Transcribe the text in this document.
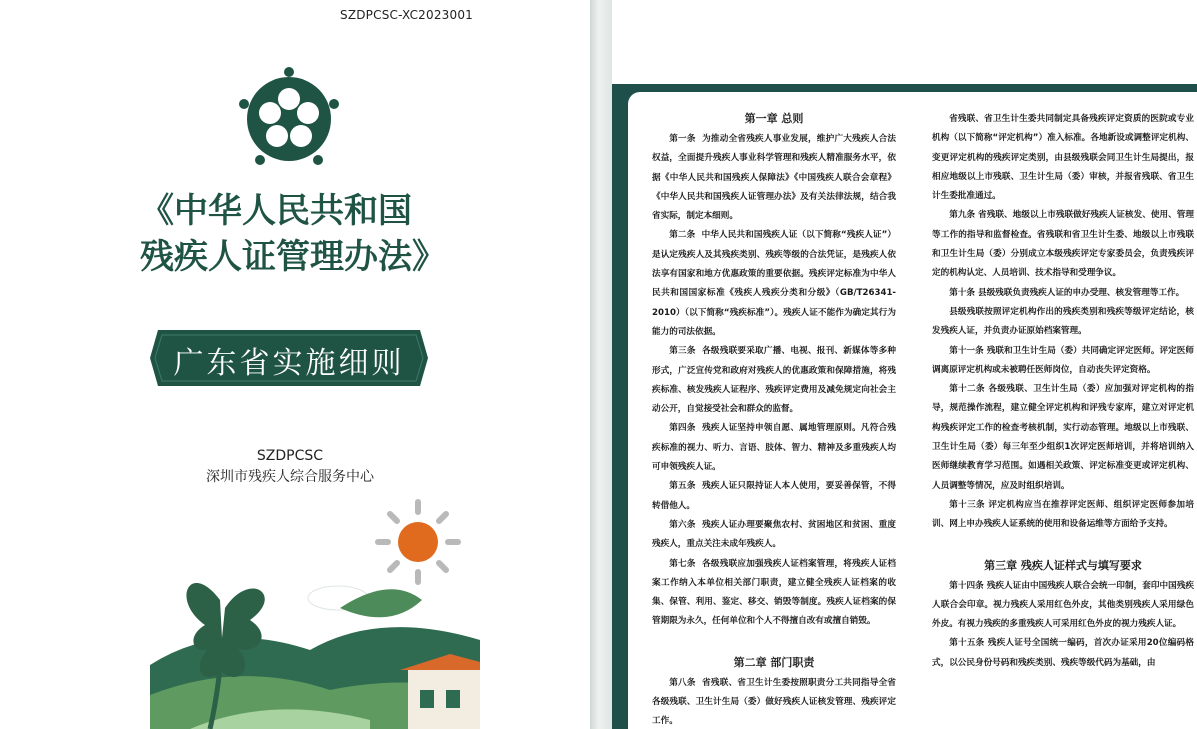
SZDPCSC-XC2023001
《中华人民共和国
残疾人证管理办法》
广东省实施细则
SZDPCSC
深圳市残疾人综合服务中心
第一章 总则

第一条 为推动全省残疾人事业发展，维护广大残疾人合法权益，全面提升残疾人事业科学管理和残疾人精准服务水平，依据《中华人民共和国残疾人保障法》《中国残疾人联合会章程》《中华人民共和国残疾人证管理办法》及有关法律法规，结合我省实际，制定本细则。

第二条 中华人民共和国残疾人证（以下简称“残疾人证”）是认定残疾人及其残疾类别、残疾等级的合法凭证，是残疾人依法享有国家和地方优惠政策的重要依据。残疾评定标准为中华人民共和国国家标准《残疾人残疾分类和分级》（GB/T26341-2010）（以下简称“残疾标准”）。残疾人证不能作为确定其行为能力的司法依据。

第三条 各级残联要采取广播、电视、报刊、新媒体等多种形式，广泛宣传党和政府对残疾人的优惠政策和保障措施，将残疾标准、核发残疾人证程序、残疾评定费用及减免规定向社会主动公开，自觉接受社会和群众的监督。

第四条 残疾人证坚持申领自愿、属地管理原则。凡符合残疾标准的视力、听力、言语、肢体、智力、精神及多重残疾人均可申领残疾人证。

第五条 残疾人证只限持证人本人使用，要妥善保管，不得转借他人。

第六条 残疾人证办理要聚焦农村、贫困地区和贫困、重度残疾人，重点关注未成年残疾人。

第七条 各级残联应加强残疾人证档案管理，将残疾人证档案工作纳入本单位相关部门职责，建立健全残疾人证档案的收集、保管、利用、鉴定、移交、销毁等制度。残疾人证档案的保管期限为永久，任何单位和个人不得擅自改有或擅自销毁。

第二章 部门职责

第八条 省残联、省卫生计生委按照职责分工共同指导全省各级残联、卫生计生局（委）做好残疾人证核发管理、残疾评定工作。

省残联、省卫生计生委共同制定具备残疾评定资质的医院或专业机构（以下简称“评定机构”）准入标准。各地新设或调整评定机构、变更评定机构的残疾评定类别，由县级残联会同卫生计生局提出，报相应地级以上市残联、卫生计生局（委）审核，并报省残联、省卫生计生委批准通过。

第九条 省残联、地级以上市残联做好残疾人证核发、使用、管理等工作的指导和监督检查。省残联和省卫生计生委、地级以上市残联和卫生计生局（委）分别成立本级残疾评定专家委员会，负责残疾评定的机构认定、人员培训、技术指导和受理争议。

第十条 县级残联负责残疾人证的申办受理、核发管理等工作。

县级残联按照评定机构作出的残疾类别和残疾等级评定结论，核发残疾人证，并负责办证原始档案管理。

第十一条 残联和卫生计生局（委）共同确定评定医师。评定医师调离原评定机构或未被聘任医师岗位，自动丧失评定资格。

第十二条 各级残联、卫生计生局（委）应加强对评定机构的指导，规范操作流程，建立健全评定机构和评残专家库，建立对评定机构残疾评定工作的检查考核机制，实行动态管理。地级以上市残联、卫生计生局（委）每三年至少组织1次评定医师培训，并将培训纳入医师继续教育学习范围。如遇相关政策、评定标准变更或评定机构、人员调整等情况，应及时组织培训。

第十三条 评定机构应当在推荐评定医师、组织评定医师参加培训、网上申办残疾人证系统的使用和设备运维等方面给予支持。

第三章 残疾人证样式与填写要求

第十四条 残疾人证由中国残疾人联合会统一印制，套印中国残疾人联合会印章。视力残疾人采用红色外皮，其他类别残疾人采用绿色外皮。有视力残疾的多重残疾人可采用红色外皮的视力残疾人证。

第十五条 残疾人证号全国统一编码，首次办证采用20位编码格式，以公民身份号码和残疾类别、残疾等级代码为基础，由
